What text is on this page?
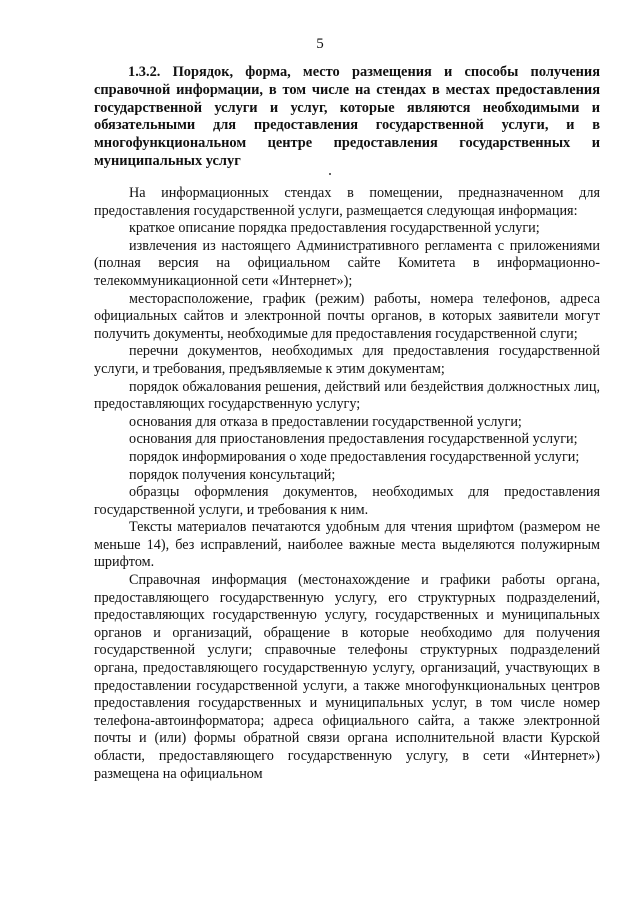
5

1.3.2. Порядок, форма, место размещения и способы получения справочной информации, в том числе на стендах в местах предоставления государственной услуги и услуг, которые являются необходимыми и обязательными для предоставления государственной услуги, и в многофункциональном центре предоставления государственных и муниципальных услуг

На информационных стендах в помещении, предназначенном для предоставления государственной услуги, размещается следующая информация:

краткое описание порядка предоставления государственной услуги;

извлечения из настоящего Административного регламента с приложениями (полная версия на официальном сайте Комитета в информационно-телекоммуникационной сети «Интернет»);

месторасположение, график (режим) работы, номера телефонов, адреса официальных сайтов и электронной почты органов, в которых заявители могут получить документы, необходимые для предоставления государственной слуги;

перечни документов, необходимых для предоставления государственной услуги, и требования, предъявляемые к этим документам;

порядок обжалования решения, действий или бездействия должностных лиц, предоставляющих государственную услугу;

основания для отказа в предоставлении государственной услуги;

основания для приостановления предоставления государственной услуги;

порядок информирования о ходе предоставления государственной услуги;

порядок получения консультаций;

образцы оформления документов, необходимых для предоставления государственной услуги, и требования к ним.

Тексты материалов печатаются удобным для чтения шрифтом (размером не меньше 14), без исправлений, наиболее важные места выделяются полужирным шрифтом.

Справочная информация (местонахождение и графики работы органа, предоставляющего государственную услугу, его структурных подразделений, предоставляющих государственную услугу, государственных и муниципальных органов и организаций, обращение в которые необходимо для получения государственной услуги; справочные телефоны структурных подразделений органа, предоставляющего государственную услугу, организаций, участвующих в предоставлении государственной услуги, а также многофункциональных центров предоставления государственных и муниципальных услуг, в том числе номер телефона-автоинформатора; адреса официального сайта, а также электронной почты и (или) формы обратной связи органа исполнительной власти Курской области, предоставляющего государственную услугу, в сети «Интернет») размещена на официальном
